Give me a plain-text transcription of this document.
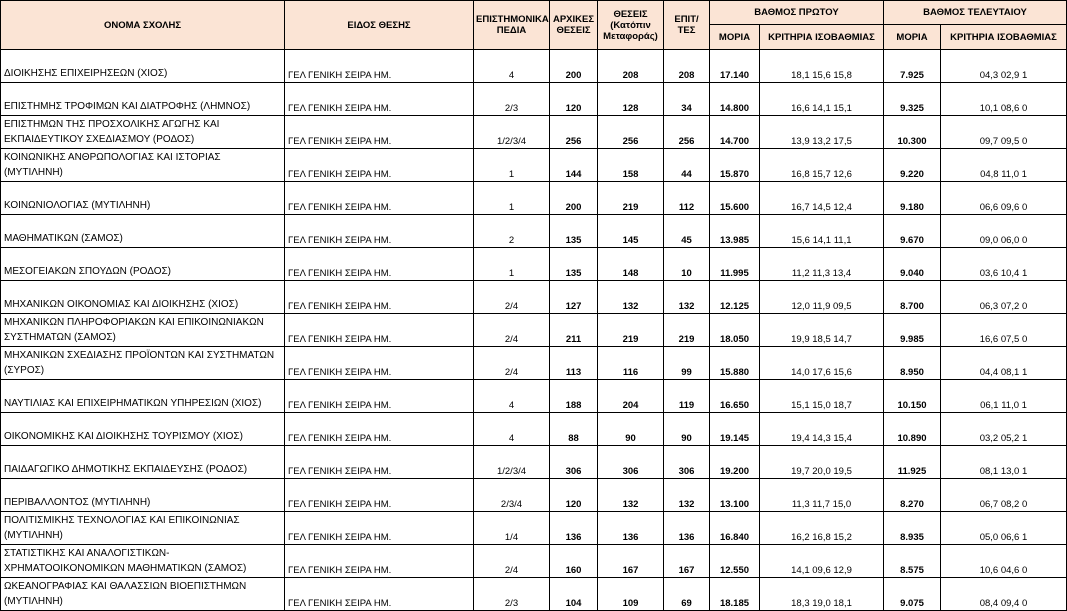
ΟΝΟΜΑ ΣΧΟΛΗΣ	ΕΙΔΟΣ ΘΕΣΗΣ	ΕΠΙΣΤΗΜΟΝΙΚΑ ΠΕΔΙΑ	ΑΡΧΙΚΕΣ ΘΕΣΕΙΣ	ΘΕΣΕΙΣ (Κατόπιν Μεταφοράς)	ΕΠΙΤ/ΤΕΣ	ΒΑΘΜΟΣ ΠΡΩΤΟΥ		ΒΑΘΜΟΣ ΤΕΛΕΥΤΑΙΟΥ	
						ΜΟΡΙΑ	ΚΡΙΤΗΡΙΑ ΙΣΟΒΑΘΜΙΑΣ	ΜΟΡΙΑ	ΚΡΙΤΗΡΙΑ ΙΣΟΒΑΘΜΙΑΣ
ΔΙΟΙΚΗΣΗΣ ΕΠΙΧΕΙΡΗΣΕΩΝ (ΧΙΟΣ)	ΓΕΛ ΓΕΝΙΚΗ ΣΕΙΡΑ ΗΜ.	4	200	208	208	17.140	18,1 15,6 15,8	7.925	04,3 02,9 1
ΕΠΙΣΤΗΜΗΣ ΤΡΟΦΙΜΩΝ ΚΑΙ ΔΙΑΤΡΟΦΗΣ (ΛΗΜΝΟΣ)	ΓΕΛ ΓΕΝΙΚΗ ΣΕΙΡΑ ΗΜ.	2/3	120	128	34	14.800	16,6 14,1 15,1	9.325	10,1 08,6 0
ΕΠΙΣΤΗΜΩΝ ΤΗΣ ΠΡΟΣΧΟΛΙΚΗΣ ΑΓΩΓΗΣ ΚΑΙ ΕΚΠΑΙΔΕΥΤΙΚΟΥ ΣΧΕΔΙΑΣΜΟΥ (ΡΟΔΟΣ)	ΓΕΛ ΓΕΝΙΚΗ ΣΕΙΡΑ ΗΜ.	1/2/3/4	256	256	256	14.700	13,9 13,2 17,5	10.300	09,7 09,5 0
ΚΟΙΝΩΝΙΚΗΣ ΑΝΘΡΩΠΟΛΟΓΙΑΣ ΚΑΙ ΙΣΤΟΡΙΑΣ (ΜΥΤΙΛΗΝΗ)	ΓΕΛ ΓΕΝΙΚΗ ΣΕΙΡΑ ΗΜ.	1	144	158	44	15.870	16,8 15,7 12,6	9.220	04,8 11,0 1
ΚΟΙΝΩΝΙΟΛΟΓΙΑΣ (ΜΥΤΙΛΗΝΗ)	ΓΕΛ ΓΕΝΙΚΗ ΣΕΙΡΑ ΗΜ.	1	200	219	112	15.600	16,7 14,5 12,4	9.180	06,6 09,6 0
ΜΑΘΗΜΑΤΙΚΩΝ (ΣΑΜΟΣ)	ΓΕΛ ΓΕΝΙΚΗ ΣΕΙΡΑ ΗΜ.	2	135	145	45	13.985	15,6 14,1 11,1	9.670	09,0 06,0 0
ΜΕΣΟΓΕΙΑΚΩΝ ΣΠΟΥΔΩΝ (ΡΟΔΟΣ)	ΓΕΛ ΓΕΝΙΚΗ ΣΕΙΡΑ ΗΜ.	1	135	148	10	11.995	11,2 11,3 13,4	9.040	03,6 10,4 1
ΜΗΧΑΝΙΚΩΝ ΟΙΚΟΝΟΜΙΑΣ ΚΑΙ ΔΙΟΙΚΗΣΗΣ (ΧΙΟΣ)	ΓΕΛ ΓΕΝΙΚΗ ΣΕΙΡΑ ΗΜ.	2/4	127	132	132	12.125	12,0 11,9 09,5	8.700	06,3 07,2 0
ΜΗΧΑΝΙΚΩΝ ΠΛΗΡΟΦΟΡΙΑΚΩΝ ΚΑΙ ΕΠΙΚΟΙΝΩΝΙΑΚΩΝ ΣΥΣΤΗΜΑΤΩΝ (ΣΑΜΟΣ)	ΓΕΛ ΓΕΝΙΚΗ ΣΕΙΡΑ ΗΜ.	2/4	211	219	219	18.050	19,9 18,5 14,7	9.985	16,6 07,5 0
ΜΗΧΑΝΙΚΩΝ ΣΧΕΔΙΑΣΗΣ ΠΡΟΪΟΝΤΩΝ ΚΑΙ ΣΥΣΤΗΜΑΤΩΝ (ΣΥΡΟΣ)	ΓΕΛ ΓΕΝΙΚΗ ΣΕΙΡΑ ΗΜ.	2/4	113	116	99	15.880	14,0 17,6 15,6	8.950	04,4 08,1 1
ΝΑΥΤΙΛΙΑΣ ΚΑΙ ΕΠΙΧΕΙΡΗΜΑΤΙΚΩΝ ΥΠΗΡΕΣΙΩΝ (ΧΙΟΣ)	ΓΕΛ ΓΕΝΙΚΗ ΣΕΙΡΑ ΗΜ.	4	188	204	119	16.650	15,1 15,0 18,7	10.150	06,1 11,0 1
ΟΙΚΟΝΟΜΙΚΗΣ ΚΑΙ ΔΙΟΙΚΗΣΗΣ ΤΟΥΡΙΣΜΟΥ (ΧΙΟΣ)	ΓΕΛ ΓΕΝΙΚΗ ΣΕΙΡΑ ΗΜ.	4	88	90	90	19.145	19,4 14,3 15,4	10.890	03,2 05,2 1
ΠΑΙΔΑΓΩΓΙΚΟ ΔΗΜΟΤΙΚΗΣ ΕΚΠΑΙΔΕΥΣΗΣ (ΡΟΔΟΣ)	ΓΕΛ ΓΕΝΙΚΗ ΣΕΙΡΑ ΗΜ.	1/2/3/4	306	306	306	19.200	19,7 20,0 19,5	11.925	08,1 13,0 1
ΠΕΡΙΒΑΛΛΟΝΤΟΣ (ΜΥΤΙΛΗΝΗ)	ΓΕΛ ΓΕΝΙΚΗ ΣΕΙΡΑ ΗΜ.	2/3/4	120	132	132	13.100	11,3 11,7 15,0	8.270	06,7 08,2 0
ΠΟΛΙΤΙΣΜΙΚΗΣ ΤΕΧΝΟΛΟΓΙΑΣ ΚΑΙ ΕΠΙΚΟΙΝΩΝΙΑΣ (ΜΥΤΙΛΗΝΗ)	ΓΕΛ ΓΕΝΙΚΗ ΣΕΙΡΑ ΗΜ.	1/4	136	136	136	16.840	16,2 16,8 15,2	8.935	05,0 06,6 1
ΣΤΑΤΙΣΤΙΚΗΣ ΚΑΙ ΑΝΑΛΟΓΙΣΤΙΚΩΝ- ΧΡΗΜΑΤΟΟΙΚΟΝΟΜΙΚΩΝ ΜΑΘΗΜΑΤΙΚΩΝ (ΣΑΜΟΣ)	ΓΕΛ ΓΕΝΙΚΗ ΣΕΙΡΑ ΗΜ.	2/4	160	167	167	12.550	14,1 09,6 12,9	8.575	10,6 04,6 0
ΩΚΕΑΝΟΓΡΑΦΙΑΣ ΚΑΙ ΘΑΛΑΣΣΙΩΝ ΒΙΟΕΠΙΣΤΗΜΩΝ (ΜΥΤΙΛΗΝΗ)	ΓΕΛ ΓΕΝΙΚΗ ΣΕΙΡΑ ΗΜ.	2/3	104	109	69	18.185	18,3 19,0 18,1	9.075	08,4 09,4 0
